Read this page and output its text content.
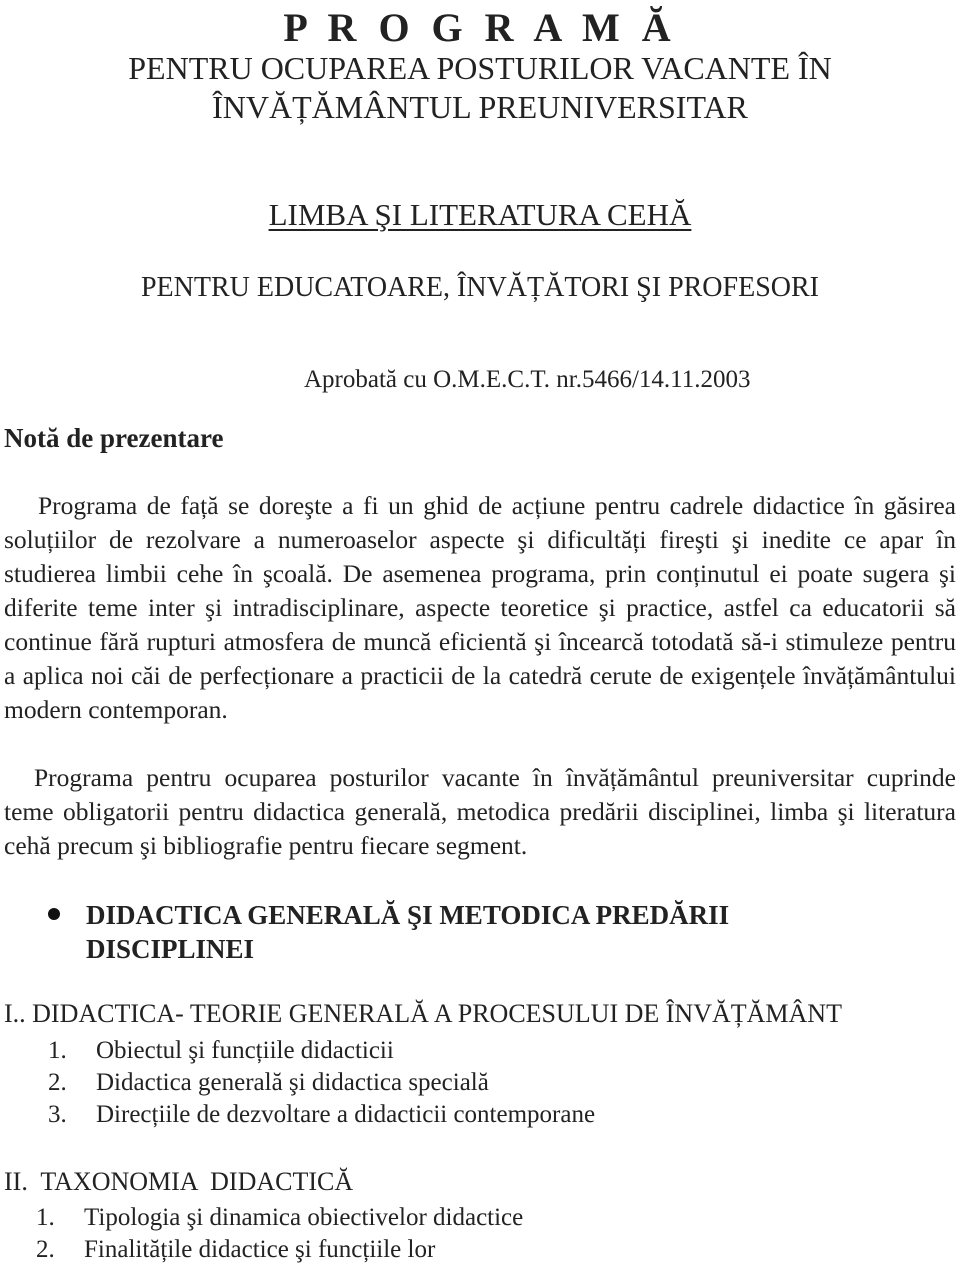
P R O G R A M Ă
PENTRU OCUPAREA POSTURILOR VACANTE ÎN
ÎNVĂȚĂMÂNTUL PREUNIVERSITAR
LIMBA ŞI LITERATURA CEHĂ
PENTRU EDUCATOARE, ÎNVĂȚĂTORI ŞI PROFESORI
Aprobată cu O.M.E.C.T. nr.5466/14.11.2003
Notă de prezentare
Programa de față se doreşte a fi un ghid de acțiune pentru cadrele didactice în găsirea soluțiilor de rezolvare a numeroaselor aspecte şi dificultăți fireşti şi inedite ce apar în studierea limbii cehe în şcoală. De asemenea programa, prin conținutul ei poate sugera şi diferite teme inter şi intradisciplinare, aspecte teoretice şi practice, astfel ca educatorii să continue fără rupturi atmosfera de muncă eficientă şi încearcă totodată să-i stimuleze pentru a aplica noi căi de perfecționare a practicii de la catedră cerute de exigențele învățământului modern contemporan.
Programa pentru ocuparea posturilor vacante în învățământul preuniversitar cuprinde teme obligatorii pentru didactica generală, metodica predării disciplinei, limba şi literatura cehă precum şi bibliografie pentru fiecare segment.
DIDACTICA GENERALĂ ŞI METODICA PREDĂRII DISCIPLINEI
I.. DIDACTICA- TEORIE GENERALĂ A PROCESULUI DE ÎNVĂȚĂMÂNT
1. Obiectul şi funcțiile didacticii
2. Didactica generală şi didactica specială
3. Direcțiile de dezvoltare a didacticii contemporane
II.  TAXONOMIA  DIDACTICĂ
1. Tipologia şi dinamica obiectivelor didactice
2. Finalitățile didactice şi funcțiile lor
